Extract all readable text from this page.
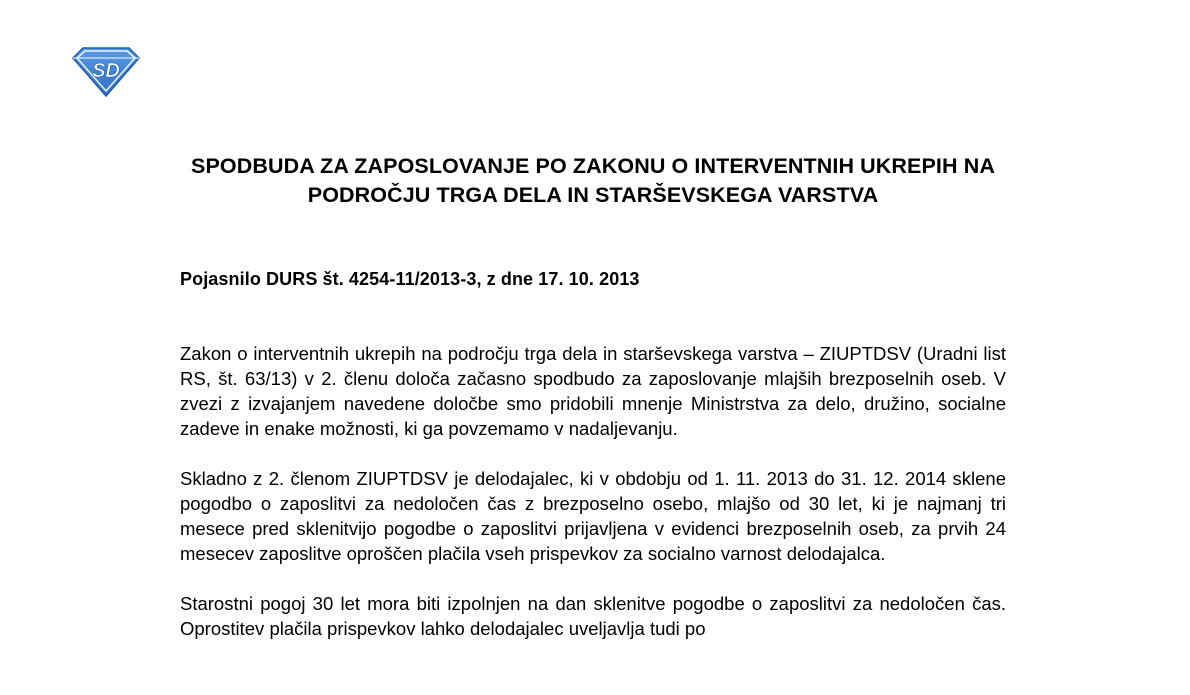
SD
SPODBUDA ZA ZAPOSLOVANJE PO ZAKONU O INTERVENTNIH UKREPIH NA PODROČJU TRGA DELA IN STARŠEVSKEGA VARSTVA

Pojasnilo DURS št. 4254-11/2013-3, z dne 17. 10. 2013

Zakon o interventnih ukrepih na področju trga dela in starševskega varstva – ZIUPTDSV (Uradni list RS, št. 63/13) v 2. členu določa začasno spodbudo za zaposlovanje mlajših brezposelnih oseb. V zvezi z izvajanjem navedene določbe smo pridobili mnenje Ministrstva za delo, družino, socialne zadeve in enake možnosti, ki ga povzemamo v nadaljevanju.

Skladno z 2. členom ZIUPTDSV je delodajalec, ki v obdobju od 1. 11. 2013 do 31. 12. 2014 sklene pogodbo o zaposlitvi za nedoločen čas z brezposelno osebo, mlajšo od 30 let, ki je najmanj tri mesece pred sklenitvijo pogodbe o zaposlitvi prijavljena v evidenci brezposelnih oseb, za prvih 24 mesecev zaposlitve oproščen plačila vseh prispevkov za socialno varnost delodajalca.

Starostni pogoj 30 let mora biti izpolnjen na dan sklenitve pogodbe o zaposlitvi za nedoločen čas. Oprostitev plačila prispevkov lahko delodajalec uveljavlja tudi po
